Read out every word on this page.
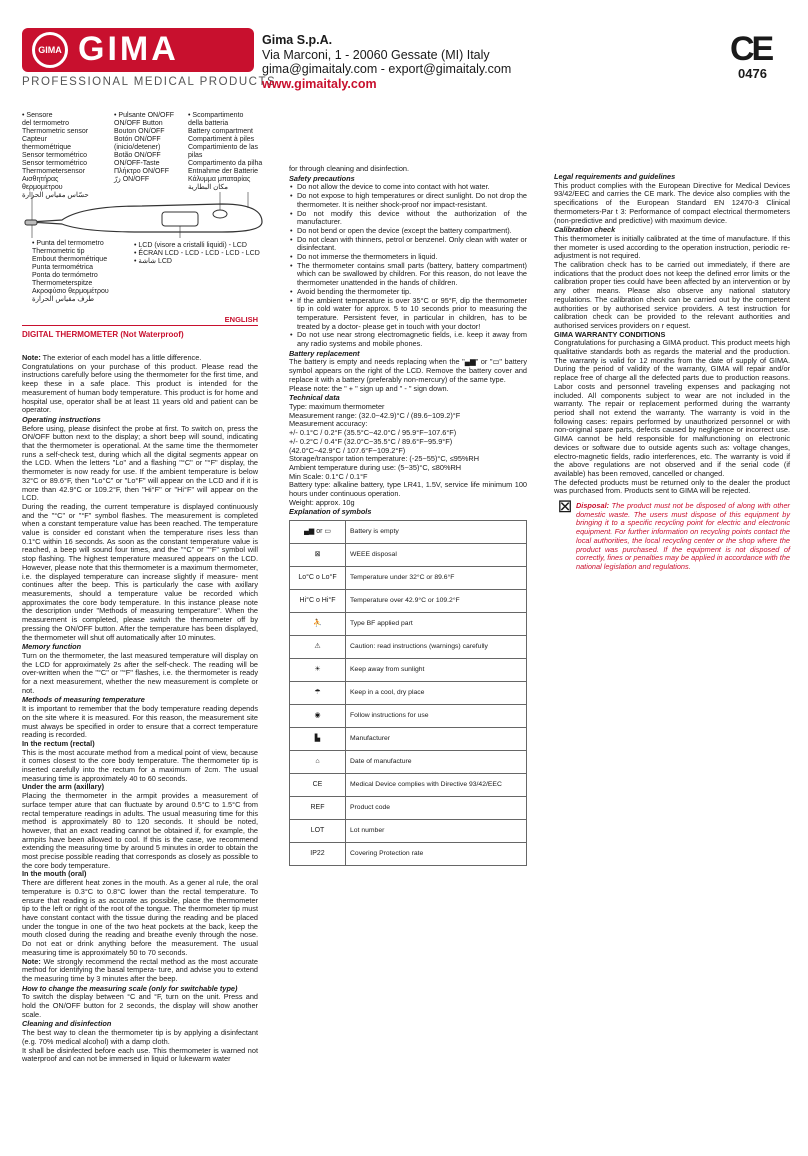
GIMA GIMA
PROFESSIONAL MEDICAL PRODUCTS
Gima S.p.A.
Via Marconi, 1 - 20060 Gessate (MI) Italy
gima@gimaitaly.com - export@gimaitaly.com
www.gimaitaly.com
CE
0476
• Sensore
del termometro
Thermometric sensor
Capteur
thermométrique
Sensor termométrico
Sensor termométrico
Thermometersensor
Αισθητήρας
θερμομέτρου
حسّاس مقياس الحرارة
• Pulsante ON/OFF
ON/OFF Button
Bouton ON/OFF
Botón ON/OFF
(inicio/detener)
Botão ON/OFF
ON/OFF-Taste
Πλήκτρο ON/OFF
زرّ ON/OFF
• Scompartimento
della batteria
Battery compartment
Compartiment à piles
Compartimiento de las pilas
Compartimento da pilha
Entnahme der Batterie
Κάλυμμα μπαταρίας
مكان البطارية
• Punta del termometro
Thermometric tip
Embout thermométrique
Punta termométrica
Ponta do termómetro
Thermometerspitze
Ακροφύσιο θερμομέτρου
طرف مقياس الحرارة
• LCD (visore a cristalli liquidi) - LCD
• ÉCRAN LCD - LCD - LCD - LCD - LCD
• شاشة LCD
ENGLISH
DIGITAL THERMOMETER (Not Waterproof)

Note: The exterior of each model has a little difference.

Congratulations on your purchase of this product. Please read the instructions carefully before using the thermometer for the first time, and keep these in a safe place. This product is intended for the measurement of human body temperature. This product is for home and hospital use, operator shall be at least 11 years old and patient can be operator.

Operating instructions

Before using, please disinfect the probe at first. To switch on, press the ON/OFF button next to the display; a short beep will sound, indicating that the thermometer is operational. At the same time the thermometer runs a self-check test, during which all the digital segments appear on the LCD. When the letters "Lo" and a flashing "°C" or "°F" display, the thermometer is now ready for use. If the ambient temperature is below 32°C or 89.6°F, then "Lo°C" or "Lo°F" will appear on the LCD and if it is more than 42.9°C or 109.2°F, then "Hi°F" or "Hi°F" will appear on the LCD.

During the reading, the current temperature is displayed continuously and the "°C" or "°F" symbol flashes. The measurement is completed when a constant temperature value has been reached. The temperature value is consider ed constant when the temperature rises less than 0.1°C within 16 seconds. As soon as the constant temperature value is reached, a beep will sound four times, and the "°C" or "°F" symbol will stop flashing. The highest temperature measured appears on the LCD. However, please note that this thermometer is a maximum thermometer, i.e. the displayed temperature can increase slightly if measure- ment continues after the beep. This is particularly the case with axillary measurements, should a temperature value be recorded which approximates the core body temperature. In this instance please note the description under "Methods of measuring temperature". When the measurement is completed, please switch the thermometer off by pressing the ON/OFF button. After the temperature has been displayed, the thermometer will shut off automatically after 10 minutes.

Memory function

Turn on the thermometer, the last measured temperature will display on the LCD for approximately 2s after the self-check. The reading will be over-written when the "°C" or "°F" flashes, i.e. the thermometer is ready for a next measurement, whether the new measurement is complete or not.

Methods of measuring temperature

It is important to remember that the body temperature reading depends on the site where it is measured. For this reason, the measurement site must always be specified in order to ensure that a correct temperature reading is recorded.

In the rectum (rectal)

This is the most accurate method from a medical point of view, because it comes closest to the core body temperature. The thermometer tip is inserted carefully into the rectum for a maximum of 2cm. The usual measuring time is approximately 40 to 60 seconds.

Under the arm (axillary)

Placing the thermometer in the armpit provides a measurement of surface temper ature that can fluctuate by around 0.5°C to 1.5°C from rectal temperature readings in adults. The usual measuring time for this method is approximately 80 to 120 seconds. It should be noted, however, that an exact reading cannot be obtained if, for example, the armpits have been allowed to cool. If this is the case, we recommend extending the measuring time by around 5 minutes in order to obtain the most precise possible reading that corresponds as closely as possible to the core body temperature.

In the mouth (oral)

There are different heat zones in the mouth. As a gener al rule, the oral temperature is 0.3°C to 0.8°C lower than the rectal temperature. To ensure that reading is as accurate as possible, place the thermometer tip to the left or right of the root of the tongue. The thermometer tip must have constant contact with the tissue during the reading and be placed under the tongue in one of the two heat pockets at the back, keep the mouth closed during the reading and breathe evenly through the nose. Do not eat or drink anything before the measurement. The usual measuring time is approximately 50 to 70 seconds.

Note: We strongly recommend the rectal method as the most accurate method for identifying the basal tempera- ture, and advise you to extend the measuring time by 3 minutes after the beep.

How to change the measuring scale (only for switchable type)

To switch the display between °C and °F, turn on the unit. Press and hold the ON/OFF button for 2 seconds, the display will show another scale.

Cleaning and disinfection

The best way to clean the thermometer tip is by applying a disinfectant (e.g. 70% medical alcohol) with a damp cloth.

It shall be disinfected before each use. This thermometer is warned not waterproof and can not be immersed in liquid or lukewarm water

for through cleaning and disinfection.

Safety precautions

• Do not allow the device to come into contact with hot water.
• Do not expose to high temperatures or direct sunlight. Do not drop the thermometer. It is neither shock-proof nor impact-resistant.
• Do not modify this device without the authorization of the manufacturer.
• Do not bend or open the device (except the battery compartment).
• Do not clean with thinners, petrol or benzenel. Only clean with water or disinfectant.
• Do not immerse the thermometers in liquid.
• The thermometer contains small parts (battery, battery compartment) which can be swallowed by children. For this reason, do not leave the thermometer unattended in the hands of children.
• Avoid bending the thermometer tip.
• If the ambient temperature is over 35°C or 95°F, dip the thermometer tip in cold water for approx. 5 to 10 seconds prior to measuring the temperature. Persistent fever, in particular in children, has to be treated by a doctor- please get in touch with your doctor!
• Do not use near strong electromagnetic fields, i.e. keep it away from any radio systems and mobile phones.

Battery replacement

The battery is empty and needs replacing when the "▄▆" or "▭" battery symbol appears on the right of the LCD. Remove the battery cover and replace it with a battery (preferably non-mercury) of the same type.

Please note: the " + " sign up and " - " sign down.

Technical data

Type: maximum thermometer

Measurement range: (32.0~42.9)°C / (89.6~109.2)°F

Measurement accuracy:

+/- 0.1°C / 0.2°F (35.5°C~42.0°C / 95.9°F~107.6°F)

+/- 0.2°C / 0.4°F (32.0°C~35.5°C / 89.6°F~95.9°F)

(42.0°C~42.9°C / 107.6°F~109.2°F)

Storage/transpor tation temperature: (-25~55)°C, ≤95%RH

Ambient temperature during use: (5~35)°C, ≤80%RH

Min Scale: 0.1°C / 0.1°F

Battery type: alkaline battery, type LR41, 1.5V, service life minimum 100 hours under continuous operation.

Weight: approx. 10g

Explanation of symbols

▄▆ or ▭	Battery is empty
⊠	WEEE disposal
Lo°C o Lo°F	Temperature under 32°C or 89.6°F
Hi°C o Hi°F	Temperature over 42.9°C or 109.2°F
⛹	Type BF applied part
⚠	Caution: read instructions (warnings) carefully
☀	Keep away from sunlight
☂	Keep in a cool, dry place
◉	Follow instructions for use
▙	Manufacturer
⌂	Date of manufacture
CE	Medical Device complies with Directive 93/42/EEC
REF	Product code
LOT	Lot number
IP22	Covering Protection rate

Legal requirements and guidelines

This product complies with the European Directive for Medical Devices 93/42/EEC and carries the CE mark. The device also complies with the specifications of the European Standard EN 12470-3 Clinical thermometers-Par t 3: Performance of compact electrical thermometers (non-predictive and predictive) with maximum device.

Calibration check

This thermometer is initially calibrated at the time of manufacture. If this ther mometer is used according to the operation instruction, periodic re-adjustment is not required.

The calibration check has to be carried out immediately, if there are indications that the product does not keep the defined error limits or the calibration proper ties could have been affected by an intervention or by any other means. Please also observe any national statutory regulations. The calibration check can be carried out by the competent authorities or by authorised service providers. A test instruction for calibration check can be provided to the relevant authorities and authorised services providers on r equest.

GIMA WARRANTY CONDITIONS

Congratulations for purchasing a GIMA product. This product meets high qualitative standards both as regards the material and the production. The warranty is valid for 12 months from the date of supply of GIMA. During the period of validity of the warranty, GIMA will repair and/or replace free of charge all the defected parts due to production reasons. Labor costs and personnel traveling expenses and packaging not included. All components subject to wear are not included in the warranty. The repair or replacement performed during the warranty period shall not extend the warranty. The warranty is void in the following cases: repairs performed by unauthorized personnel or with non-original spare parts, defects caused by negligence or incorrect use. GIMA cannot be held responsible for malfunctioning on electronic devices or software due to outside agents such as: voltage changes, electro-magnetic fields, radio interferences, etc. The warranty is void if the above regulations are not observed and if the serial code (if available) has been removed, cancelled or changed.

The defected products must be returned only to the dealer the product was purchased from. Products sent to GIMA will be rejected.

⊠ Disposal: The product must not be disposed of along with other domestic waste. The users must dispose of this equipment by bringing it to a specific recycling point for electric and electronic equipment. For further information on recycling points contact the local authorities, the local recycling center or the shop where the product was purchased. If the equipment is not disposed of correctly, fines or penalties may be applied in accordance with the national legislation and regulations.
